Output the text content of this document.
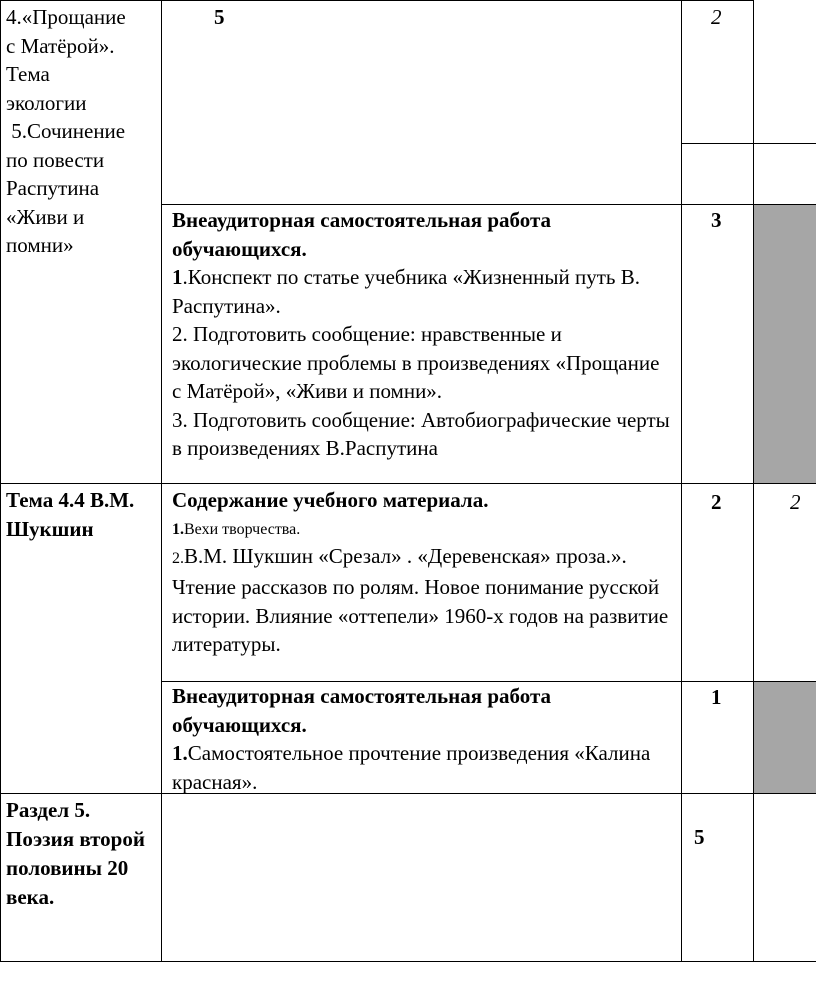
4.«Прощание
с Матёрой».
Тема
экологии
5.Сочинение
по повести
Распутина
«Живи и
помни»
5	2
Внеаудиторная самостоятельная работа обучающихся.
1.Конспект по статье учебника «Жизненный путь В. Распутина».
2. Подготовить сообщение: нравственные и экологические проблемы в произведениях «Прощание с Матёрой», «Живи и помни».
3. Подготовить сообщение: Автобиографические черты в произведениях В.Распутина
3
Тема 4.4 В.М. Шукшин
Содержание учебного материала.
1.Вехи творчества.
2.В.М. Шукшин «Срезал» . «Деревенская» проза.». Чтение рассказов по ролям. Новое понимание русской истории. Влияние «оттепели» 1960-х годов на развитие литературы.
2	2
Внеаудиторная самостоятельная работа обучающихся.
1.Самостоятельное прочтение произведения «Калина красная».
1
Раздел 5. Поэзия второй половины 20 века.
5
